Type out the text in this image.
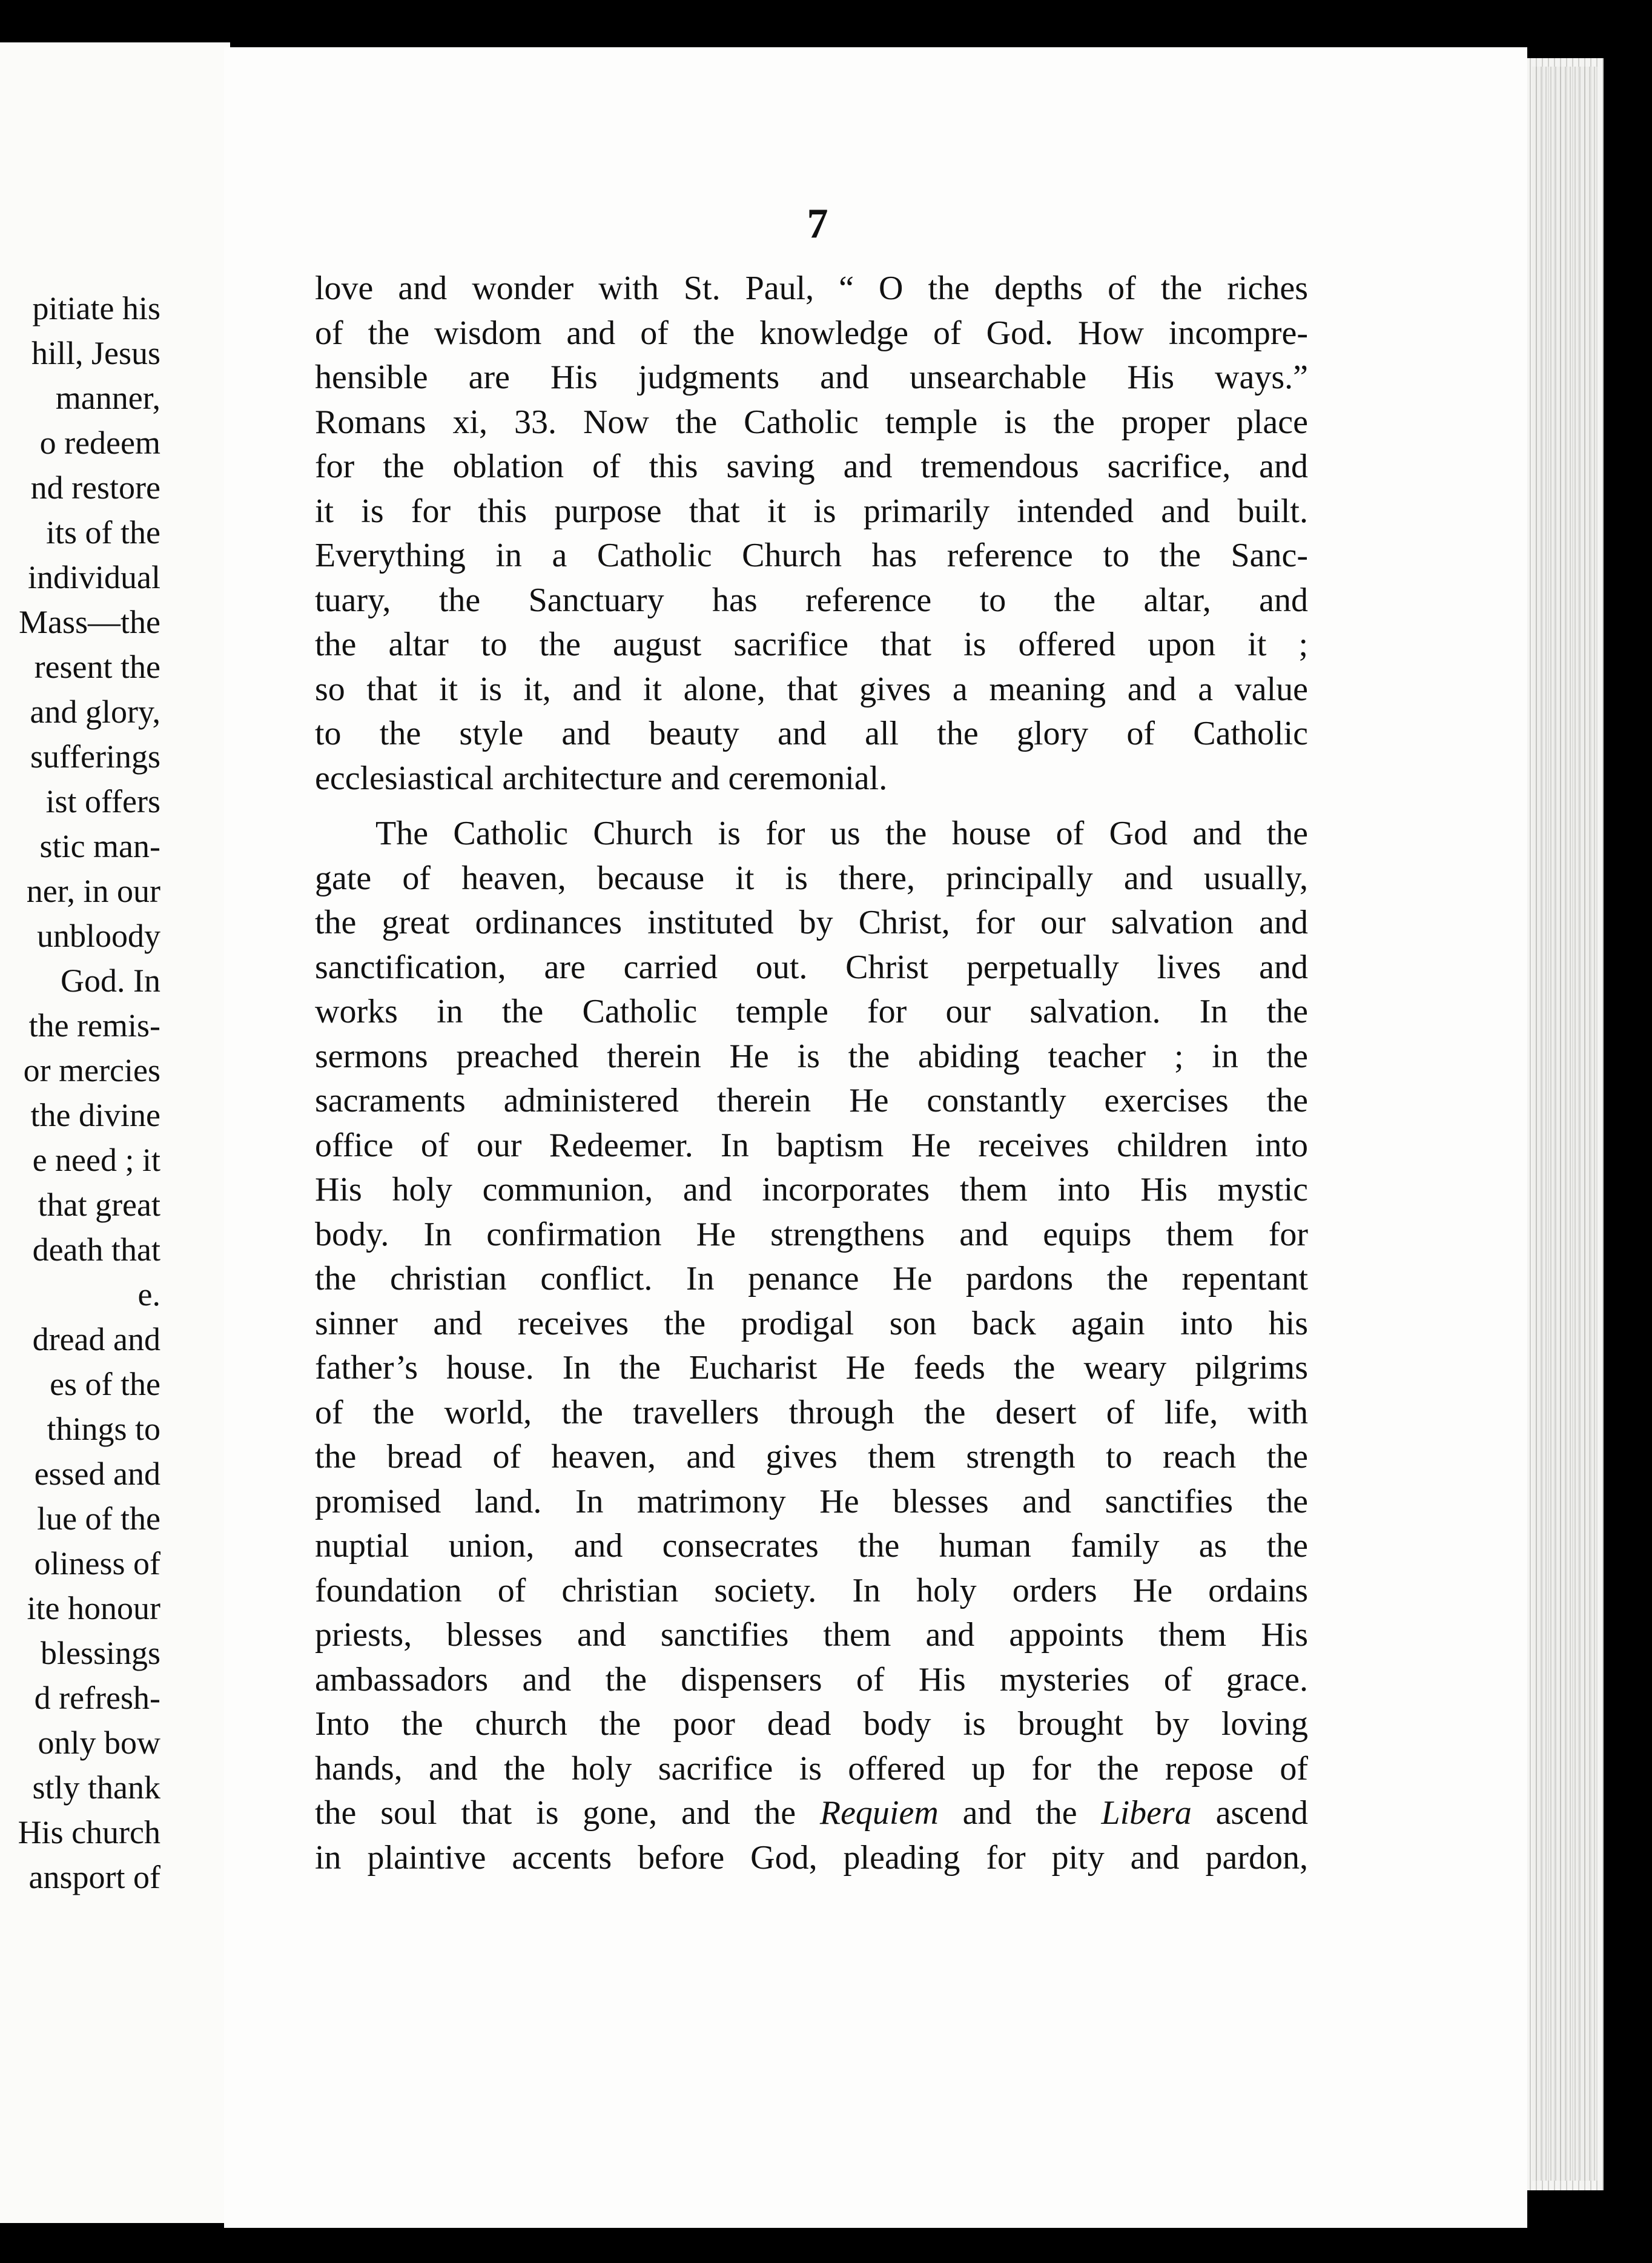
pitiate his
hill, Jesus
manner,
o redeem
nd restore
its of the
individual
Mass—the
resent the
and glory,
sufferings
ist offers
stic man-
ner, in our
unbloody
God. In
the remis-
or mercies
the divine
e need ; it
that great
death that
e.
dread and
es of the
things to
essed and
lue of the
oliness of
ite honour
blessings
d refresh-
only bow
stly thank
His church
ansport of
7
love and wonder with St. Paul, “ O the depths of the riches
of the wisdom and of the knowledge of God. How incompre-
hensible are His judgments and unsearchable His ways.”
Romans xi, 33. Now the Catholic temple is the proper place
for the oblation of this saving and tremendous sacrifice, and
it is for this purpose that it is primarily intended and built.
Everything in a Catholic Church has reference to the Sanc-
tuary, the Sanctuary has reference to the altar, and
the altar to the august sacrifice that is offered upon it ;
so that it is it, and it alone, that gives a meaning and a value
to the style and beauty and all the glory of Catholic
ecclesiastical architecture and ceremonial.
The Catholic Church is for us the house of God and the
gate of heaven, because it is there, principally and usually,
the great ordinances instituted by Christ, for our salvation and
sanctification, are carried out. Christ perpetually lives and
works in the Catholic temple for our salvation. In the
sermons preached therein He is the abiding teacher ; in the
sacraments administered therein He constantly exercises the
office of our Redeemer. In baptism He receives children into
His holy communion, and incorporates them into His mystic
body. In confirmation He strengthens and equips them for
the christian conflict. In penance He pardons the repentant
sinner and receives the prodigal son back again into his
father’s house. In the Eucharist He feeds the weary pilgrims
of the world, the travellers through the desert of life, with
the bread of heaven, and gives them strength to reach the
promised land. In matrimony He blesses and sanctifies the
nuptial union, and consecrates the human family as the
foundation of christian society. In holy orders He ordains
priests, blesses and sanctifies them and appoints them His
ambassadors and the dispensers of His mysteries of grace.
Into the church the poor dead body is brought by loving
hands, and the holy sacrifice is offered up for the repose of
the soul that is gone, and the Requiem and the Libera ascend
in plaintive accents before God, pleading for pity and pardon,
